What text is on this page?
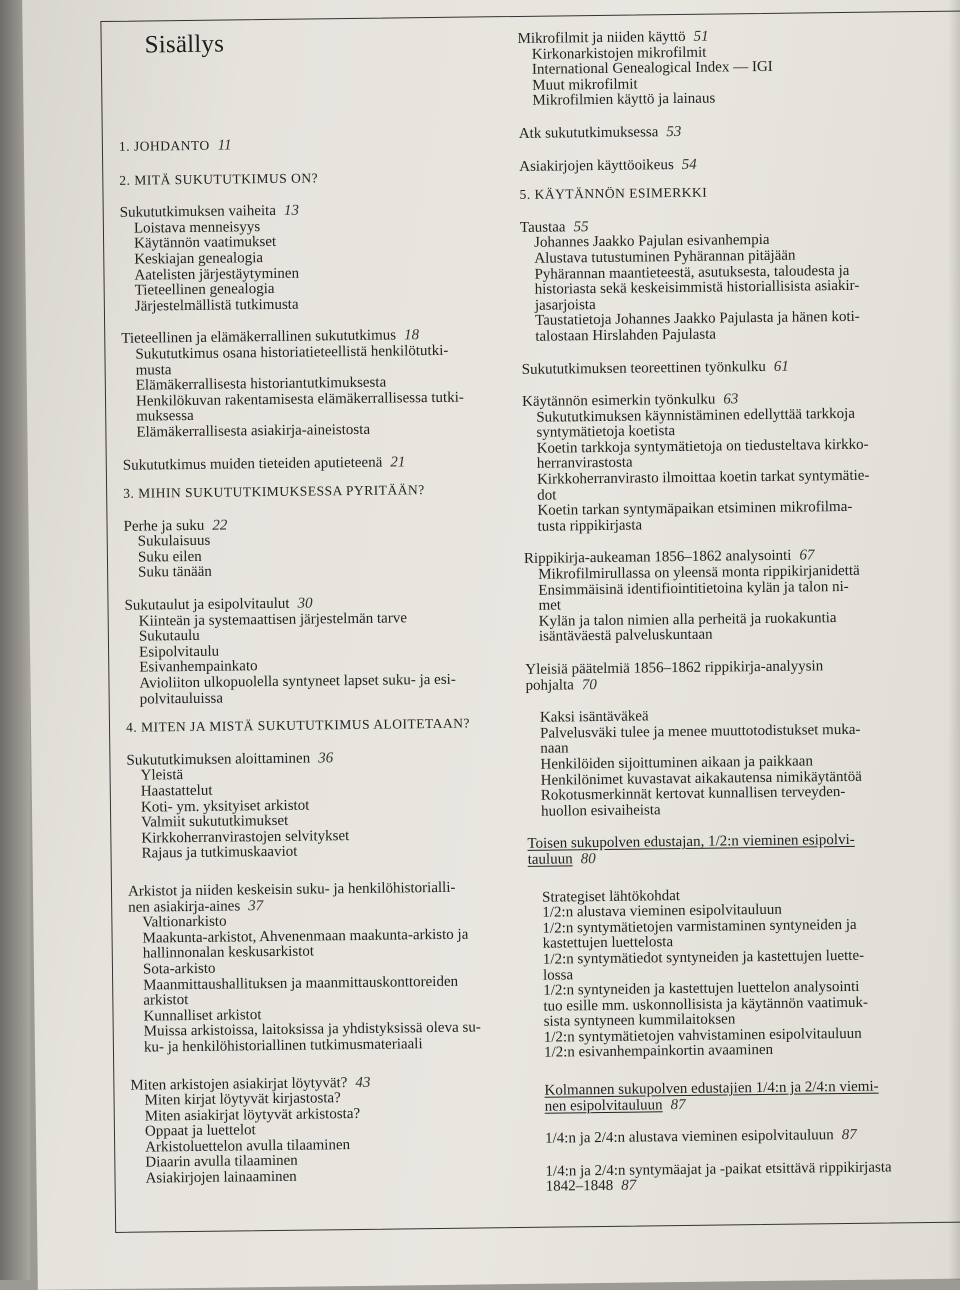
Sisällys
1. JOHDANTO 11
2. MITÄ SUKUTUTKIMUS ON?
Sukututkimuksen vaiheita 13
Loistava menneisyys
Käytännön vaatimukset
Keskiajan genealogia
Aatelisten järjestäytyminen
Tieteellinen genealogia
Järjestelmällistä tutkimusta
Tieteellinen ja elämäkerrallinen sukututkimus 18
Sukututkimus osana historiatieteellistä henkilötutki-
musta
Elämäkerrallisesta historiantutkimuksesta
Henkilökuvan rakentamisesta elämäkerrallisessa tutki-
muksessa
Elämäkerrallisesta asiakirja-aineistosta
Sukututkimus muiden tieteiden aputieteenä 21
3. MIHIN SUKUTUTKIMUKSESSA PYRITÄÄN?
Perhe ja suku 22
Sukulaisuus
Suku eilen
Suku tänään
Sukutaulut ja esipolvitaulut 30
Kiinteän ja systemaattisen järjestelmän tarve
Sukutaulu
Esipolvitaulu
Esivanhempainkato
Avioliiton ulkopuolella syntyneet lapset suku- ja esi-
polvitauluissa
4. MITEN JA MISTÄ SUKUTUTKIMUS ALOITETAAN?
Sukututkimuksen aloittaminen 36
Yleistä
Haastattelut
Koti- ym. yksityiset arkistot
Valmiit sukututkimukset
Kirkkoherranvirastojen selvitykset
Rajaus ja tutkimuskaaviot
Arkistot ja niiden keskeisin suku- ja henkilöhistorialli-
nen asiakirja-aines 37
Valtionarkisto
Maakunta-arkistot, Ahvenenmaan maakunta-arkisto ja
hallinnonalan keskusarkistot
Sota-arkisto
Maanmittaushallituksen ja maanmittauskonttoreiden
arkistot
Kunnalliset arkistot
Muissa arkistoissa, laitoksissa ja yhdistyksissä oleva su-
ku- ja henkilöhistoriallinen tutkimusmateriaali
Miten arkistojen asiakirjat löytyvät? 43
Miten kirjat löytyvät kirjastosta?
Miten asiakirjat löytyvät arkistosta?
Oppaat ja luettelot
Arkistoluettelon avulla tilaaminen
Diaarin avulla tilaaminen
Asiakirjojen lainaaminen
Mikrofilmit ja niiden käyttö 51
Kirkonarkistojen mikrofilmit
International Genealogical Index — IGI
Muut mikrofilmit
Mikrofilmien käyttö ja lainaus
Atk sukututkimuksessa 53
Asiakirjojen käyttöoikeus 54
5. KÄYTÄNNÖN ESIMERKKI
Taustaa 55
Johannes Jaakko Pajulan esivanhempia
Alustava tutustuminen Pyhärannan pitäjään
Pyhärannan maantieteestä, asutuksesta, taloudesta ja
historiasta sekä keskeisimmistä historiallisista asiakir-
jasarjoista
Taustatietoja Johannes Jaakko Pajulasta ja hänen koti-
talostaan Hirslahden Pajulasta
Sukututkimuksen teoreettinen työnkulku 61
Käytännön esimerkin työnkulku 63
Sukututkimuksen käynnistäminen edellyttää tarkkoja
syntymätietoja koetista
Koetin tarkkoja syntymätietoja on tiedusteltava kirkko-
herranvirastosta
Kirkkoherranvirasto ilmoittaa koetin tarkat syntymätie-
dot
Koetin tarkan syntymäpaikan etsiminen mikrofilma-
tusta rippikirjasta
Rippikirja-aukeaman 1856–1862 analysointi 67
Mikrofilmirullassa on yleensä monta rippikirjanidettä
Ensimmäisinä identifiointitietoina kylän ja talon ni-
met
Kylän ja talon nimien alla perheitä ja ruokakuntia
isäntäväestä palveluskuntaan
Yleisiä päätelmiä 1856–1862 rippikirja-analyysin
pohjalta 70
Kaksi isäntäväkeä
Palvelusväki tulee ja menee muuttotodistukset muka-
naan
Henkilöiden sijoittuminen aikaan ja paikkaan
Henkilönimet kuvastavat aikakautensa nimikäytäntöä
Rokotusmerkinnät kertovat kunnallisen terveyden-
huollon esivaiheista
Toisen sukupolven edustajan, 1/2:n vieminen esipolvi-
tauluun 80
Strategiset lähtökohdat
1/2:n alustava vieminen esipolvitauluun
1/2:n syntymätietojen varmistaminen syntyneiden ja
kastettujen luettelosta
1/2:n syntymätiedot syntyneiden ja kastettujen luette-
lossa
1/2:n syntyneiden ja kastettujen luettelon analysointi
tuo esille mm. uskonnollisista ja käytännön vaatimuk-
sista syntyneen kummilaitoksen
1/2:n syntymätietojen vahvistaminen esipolvitauluun
1/2:n esivanhempainkortin avaaminen
Kolmannen sukupolven edustajien 1/4:n ja 2/4:n viemi-
nen esipolvitauluun 87
1/4:n ja 2/4:n alustava vieminen esipolvitauluun 87
1/4:n ja 2/4:n syntymäajat ja -paikat etsittävä rippikirjasta
1842–1848 87
